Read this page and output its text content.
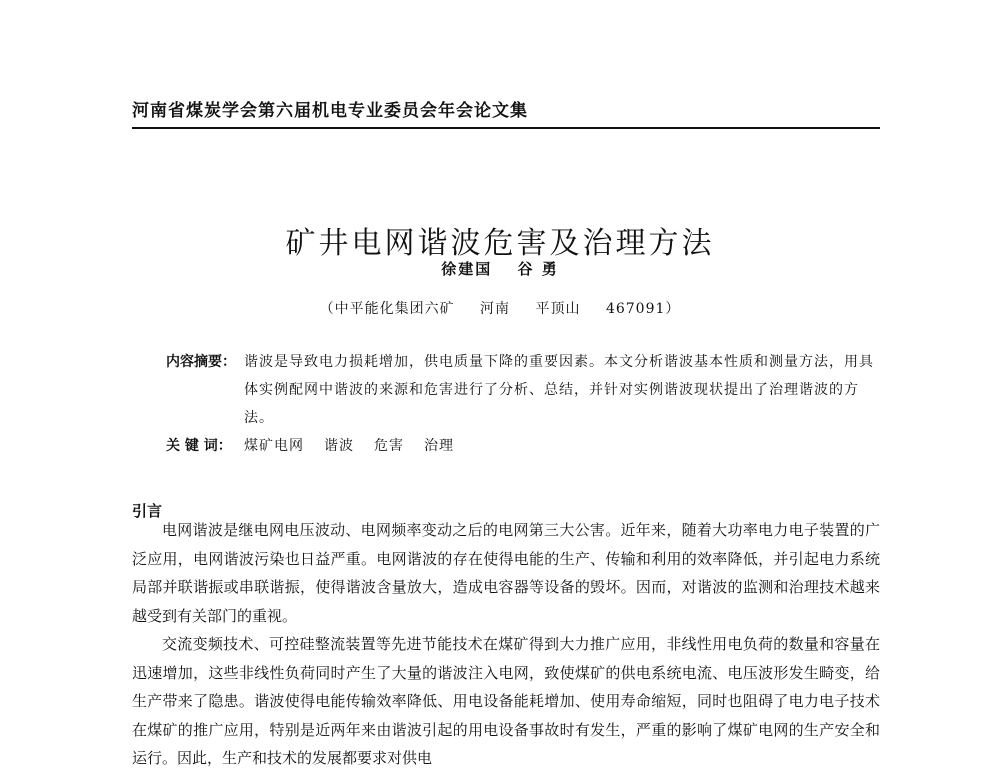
河南省煤炭学会第六届机电专业委员会年会论文集
矿井电网谐波危害及治理方法
徐建国 谷 勇
（中平能化集团六矿 河南 平顶山 467091）
内容摘要： 谐波是导致电力损耗增加，供电质量下降的重要因素。本文分析谐波基本性质和测量方法，用具体实例配网中谐波的来源和危害进行了分析、总结，并针对实例谐波现状提出了治理谐波的方法。
关 键 词： 煤矿电网 谐波 危害 治理
引言

电网谐波是继电网电压波动、电网频率变动之后的电网第三大公害。近年来，随着大功率电力电子装置的广泛应用，电网谐波污染也日益严重。电网谐波的存在使得电能的生产、传输和利用的效率降低，并引起电力系统局部并联谐振或串联谐振，使得谐波含量放大，造成电容器等设备的毁坏。因而，对谐波的监测和治理技术越来越受到有关部门的重视。

交流变频技术、可控硅整流装置等先进节能技术在煤矿得到大力推广应用，非线性用电负荷的数量和容量在迅速增加，这些非线性负荷同时产生了大量的谐波注入电网，致使煤矿的供电系统电流、电压波形发生畸变，给生产带来了隐患。谐波使得电能传输效率降低、用电设备能耗增加、使用寿命缩短，同时也阻碍了电力电子技术在煤矿的推广应用，特别是近两年来由谐波引起的用电设备事故时有发生，严重的影响了煤矿电网的生产安全和运行。因此，生产和技术的发展都要求对供电
